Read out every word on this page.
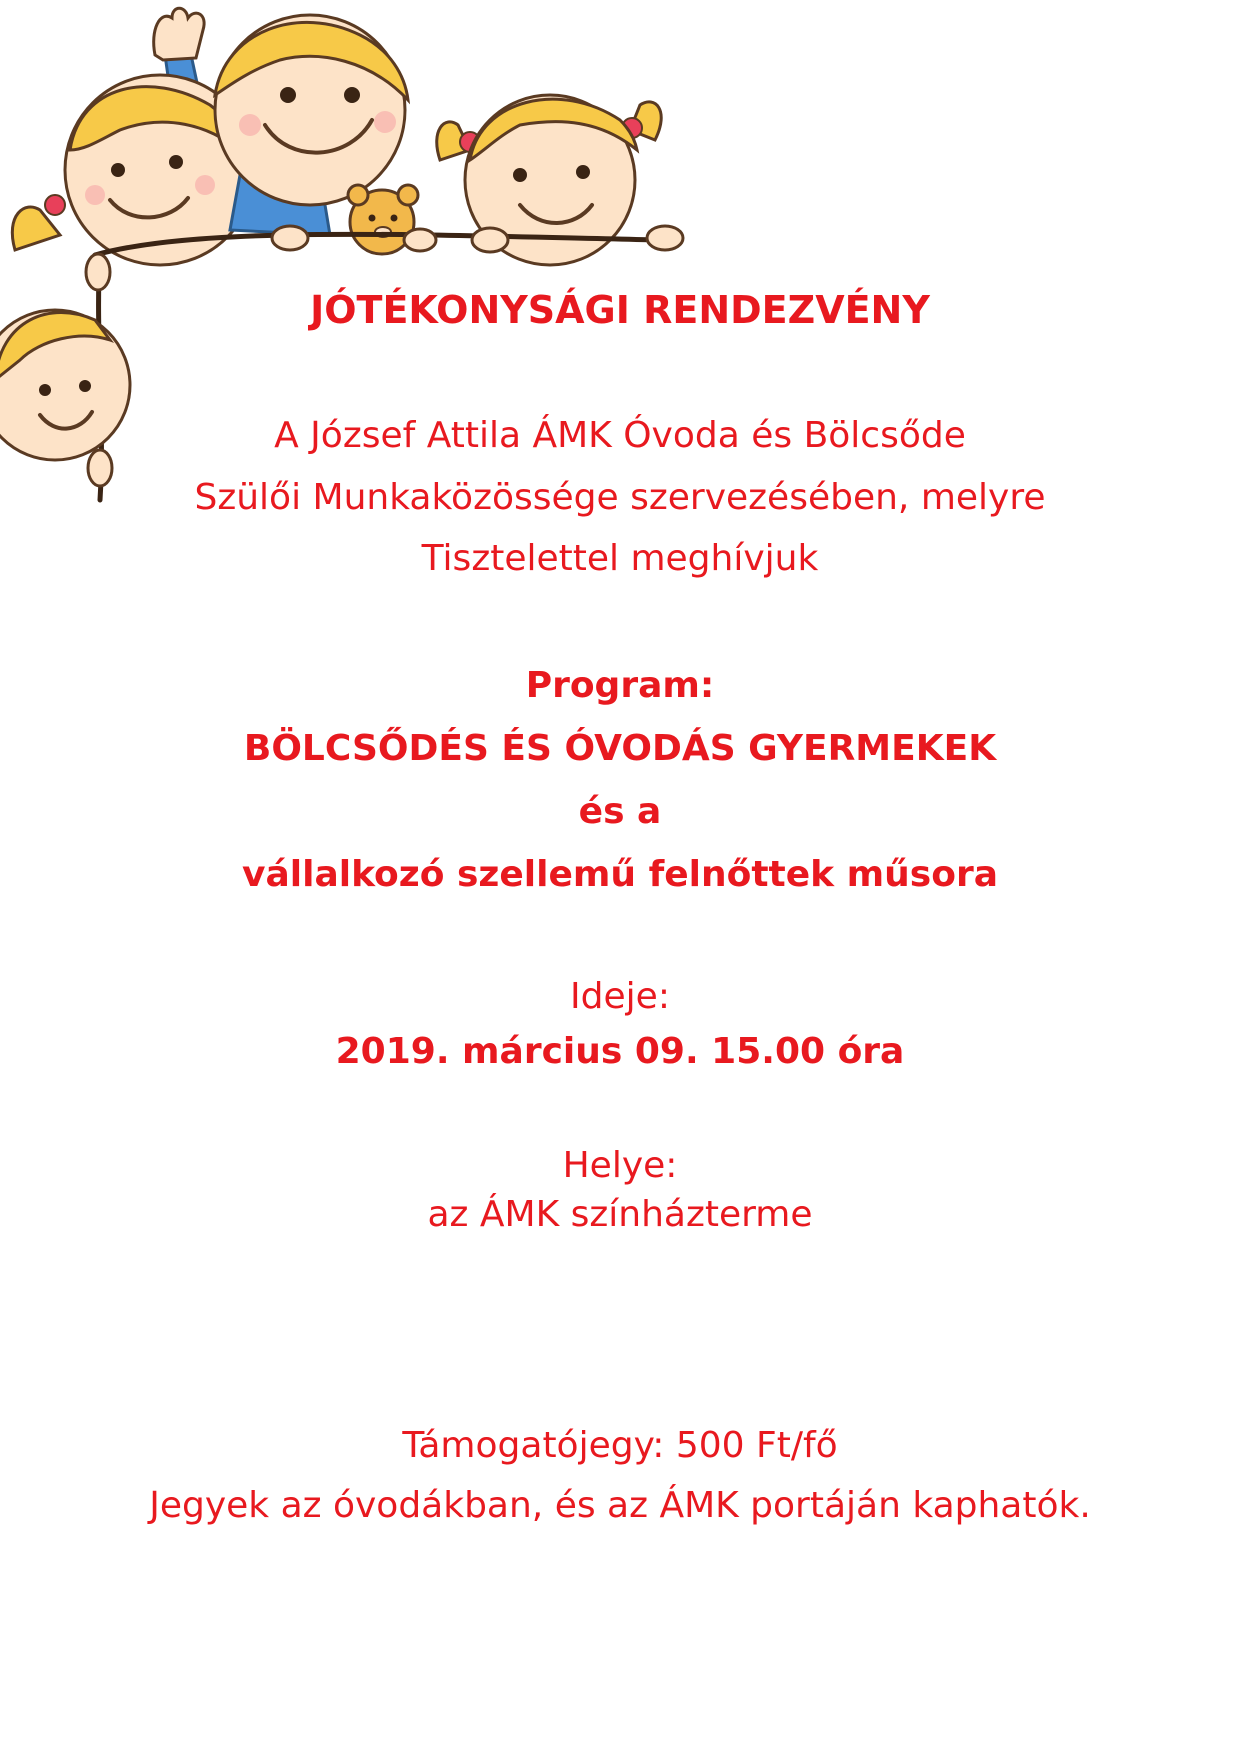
JÓTÉKONYSÁGI RENDEZVÉNY

A József Attila ÁMK Óvoda és Bölcsőde

Szülői Munkaközössége szervezésében, melyre

Tisztelettel meghívjuk

Program:

BÖLCSŐDÉS ÉS ÓVODÁS GYERMEKEK

és a

vállalkozó szellemű felnőttek műsora

Ideje:

2019. március 09. 15.00 óra

Helye:

az ÁMK színházterme

Támogatójegy: 500 Ft/fő

Jegyek az óvodákban, és az ÁMK portáján kaphatók.
